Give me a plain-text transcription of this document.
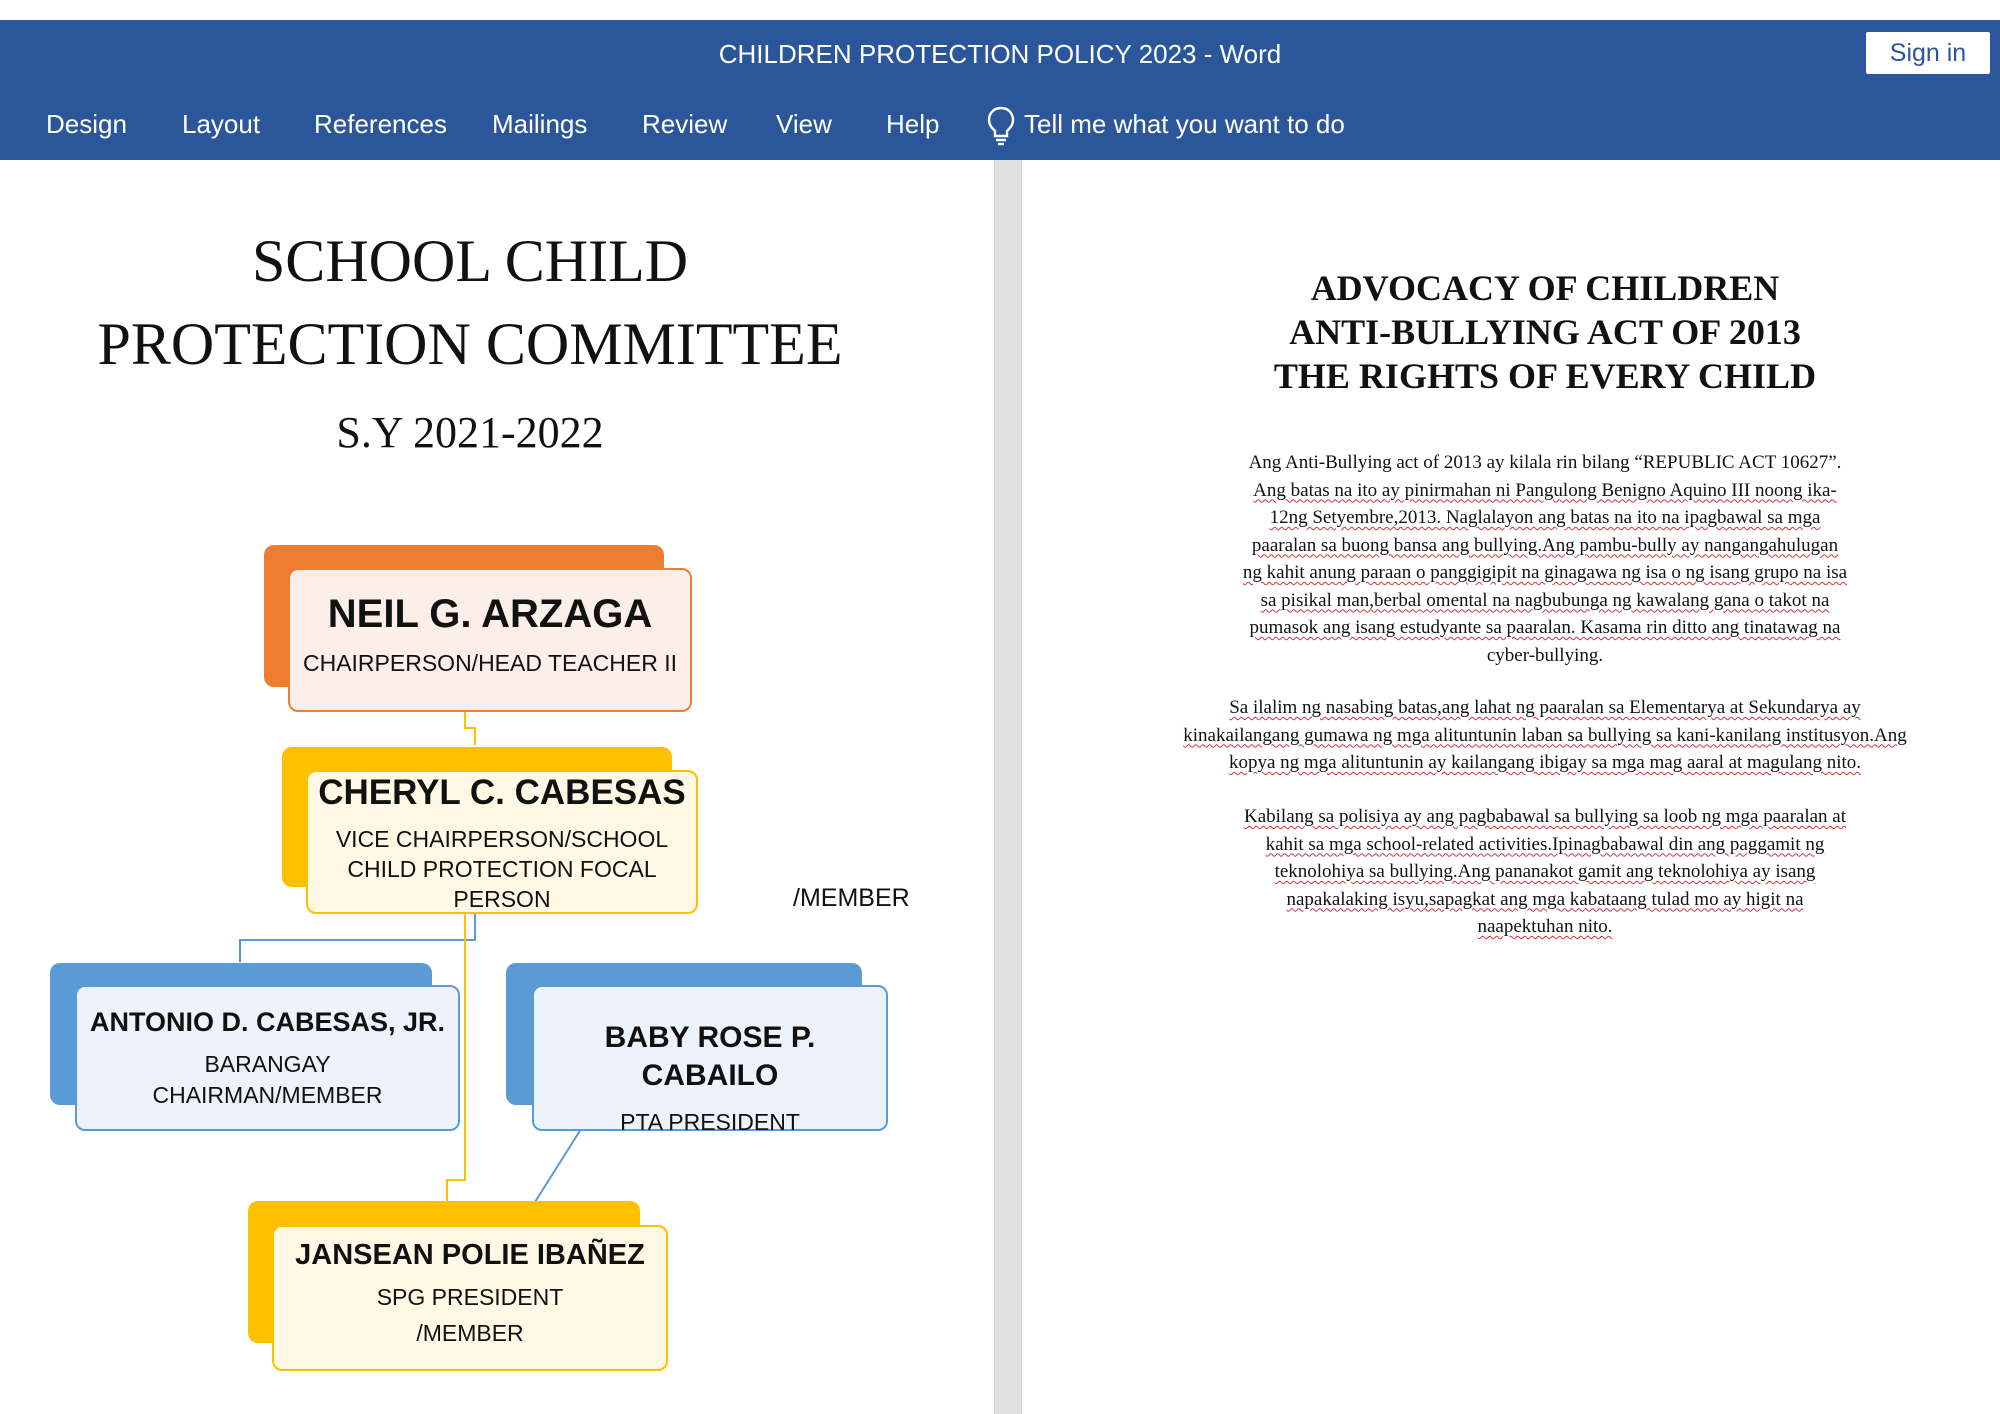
CHILDREN PROTECTION POLICY 2023 - Word	Sign in
Design Layout References Mailings Review View Help	Tell me what you want to do
SCHOOL CHILD
PROTECTION COMMITTEE
S.Y 2021-2022
NEIL G. ARZAGA
CHAIRPERSON/HEAD TEACHER II
CHERYL C. CABESAS
VICE CHAIRPERSON/SCHOOL
CHILD PROTECTION FOCAL
PERSON	/MEMBER
ANTONIO D. CABESAS, JR.
BARANGAY
CHAIRMAN/MEMBER
BABY ROSE P. CABAILO
PTA PRESIDENT
JANSEAN POLIE IBAÑEZ
SPG PRESIDENT
/MEMBER
ADVOCACY OF CHILDREN
ANTI-BULLYING ACT OF 2013
THE RIGHTS OF EVERY CHILD
Ang Anti-Bullying act of 2013 ay kilala rin bilang “REPUBLIC ACT 10627”.
Ang batas na ito ay pinirmahan ni Pangulong Benigno Aquino III noong ika-
12ng Setyembre,2013. Naglalayon ang batas na ito na ipagbawal sa mga
paaralan sa buong bansa ang bullying.Ang pambu-bully ay nangangahulugan
ng kahit anung paraan o panggigipit na ginagawa ng isa o ng isang grupo na isa
sa pisikal man,berbal omental na nagbubunga ng kawalang gana o takot na
pumasok ang isang estudyante sa paaralan. Kasama rin ditto ang tinatawag na
cyber-bullying.
Sa ilalim ng nasabing batas,ang lahat ng paaralan sa Elementarya at Sekundarya ay
kinakailangang gumawa ng mga alituntunin laban sa bullying sa kani-kanilang institusyon.Ang
kopya ng mga alituntunin ay kailangang ibigay sa mga mag aaral at magulang nito.
Kabilang sa polisiya ay ang pagbabawal sa bullying sa loob ng mga paaralan at
kahit sa mga school-related activities.Ipinagbabawal din ang paggamit ng
teknolohiya sa bullying.Ang pananakot gamit ang teknolohiya ay isang
napakalaking isyu,sapagkat ang mga kabataang tulad mo ay higit na
naapektuhan nito.
